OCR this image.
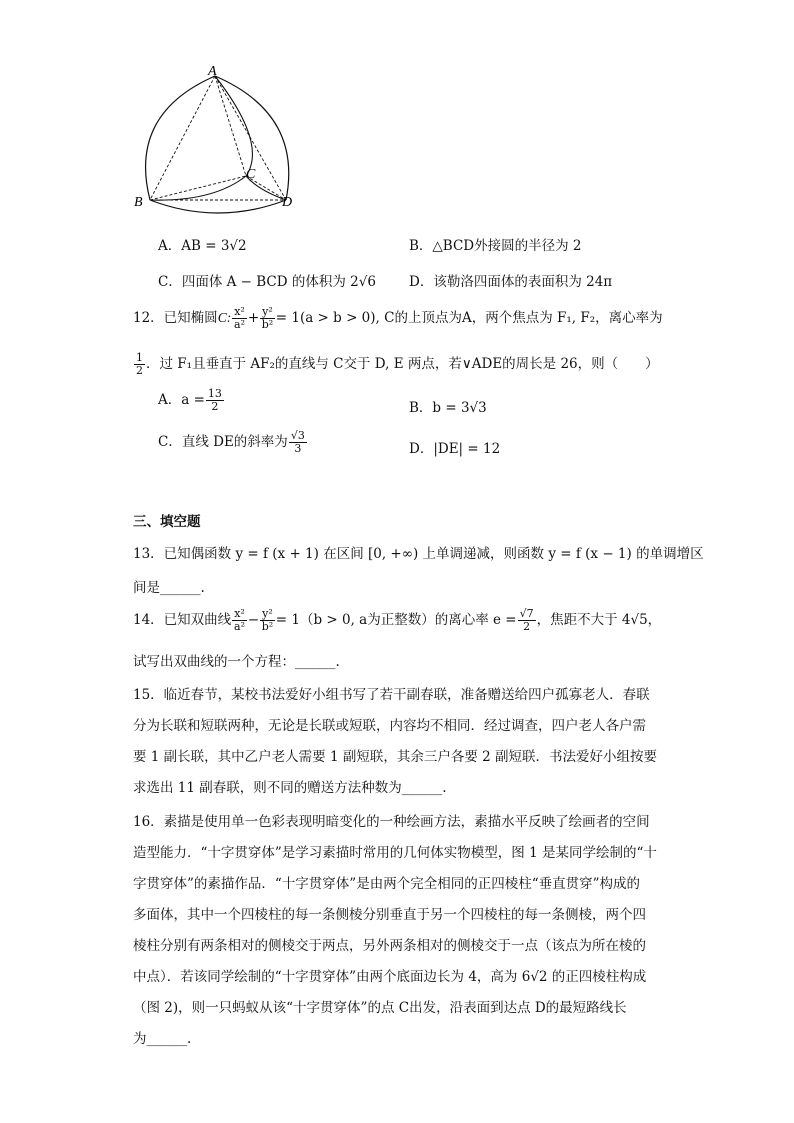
A
B
C
D
A．AB = 3√2	B．△BCD外接圆的半径为 2
C．四面体 A − BCD 的体积为 2√6 D．该勒洛四面体的表面积为 24π
12．已知椭圆C: $\frac{\text{x²}}{\text{a²}} + \frac{\text{y²}}{\text{b²}} = 1(a > b > 0)$, C的上顶点为A，两个焦点为 F₁, F₂，离心率为
$\frac{1}{2}$ ．过 F₁且垂直于 AF₂的直线与 C交于 D, E 两点，若∨ADE的周长是 26，则（　　）
A．$a = \frac{13}{2}$	B．b = 3√3
C．直线 DE的斜率为 $\frac{√3}{3}$	D．|DE| = 12
三、填空题
13．已知偶函数 y = f (x + 1) 在区间 [0, +∞) 上单调递减，则函数 y = f (x − 1) 的单调增区
间是______.
14．已知双曲线 $\frac{\text{x²}}{\text{a²}} - \frac{\text{y²}}{\text{b²}} = 1(b > 0$, a为正整数）的离心率 $e = \frac{√7}{2}$ ，焦距不大于 4√5，
试写出双曲线的一个方程：______.
15．临近春节，某校书法爱好小组书写了若干副春联，准备赠送给四户孤寡老人．春联
分为长联和短联两种，无论是长联或短联，内容均不相同．经过调查，四户老人各户需
要 1 副长联，其中乙户老人需要 1 副短联，其余三户各要 2 副短联．书法爱好小组按要
求选出 11 副春联，则不同的赠送方法种数为______.
16．素描是使用单一色彩表现明暗变化的一种绘画方法，素描水平反映了绘画者的空间
造型能力．“十字贯穿体”是学习素描时常用的几何体实物模型，图 1 是某同学绘制的“十
字贯穿体”的素描作品．“十字贯穿体”是由两个完全相同的正四棱柱“垂直贯穿”构成的
多面体，其中一个四棱柱的每一条侧棱分别垂直于另一个四棱柱的每一条侧棱，两个四
棱柱分别有两条相对的侧棱交于两点，另外两条相对的侧棱交于一点（该点为所在棱的
中点）．若该同学绘制的“十字贯穿体”由两个底面边长为 4，高为 6√2 的正四棱柱构成
（图 2)，则一只蚂蚁从该“十字贯穿体”的点 C出发，沿表面到达点 D的最短路线长
为______.
